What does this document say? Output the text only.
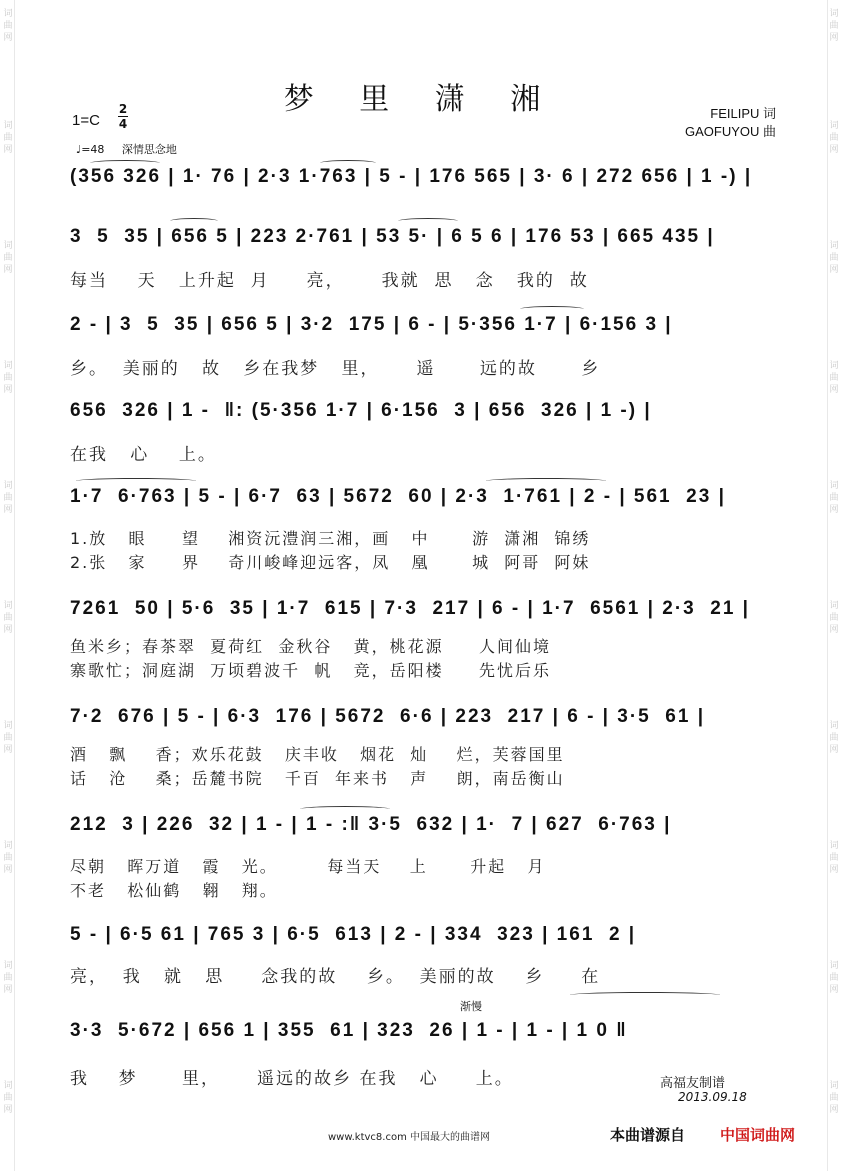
词曲网
词曲网
词曲网
词曲网
词曲网
词曲网
词曲网
词曲网
词曲网
词曲网
词曲网
词曲网
词曲网
词曲网
词曲网
词曲网
词曲网
词曲网
词曲网
词曲网
梦 里 潇 湘
1=C
2
4
♩=48 深情思念地
FEILIPU 词
GAOFUYOU 曲
(356 326 | 1· 76 | 2·3 1·763 | 5 - | 176 565 | 3· 6 | 272 656 | 1 -) |
3  5  35 | 656 5 | 223 2·761 | 53 5· | 6 5 6 | 176 53 | 665 435 |
每当    天   上升起  月     亮，     我就  思   念   我的  故
2 - | 3  5  35 | 656 5 | 3·2  175 | 6 - | 5·356 1·7 | 6·156 3 |
乡。  美丽的   故   乡在我梦   里，     遥      远的故      乡
656  326 | 1 -  ‖: (5·356 1·7 | 6·156  3 | 656  326 | 1 -) |
在我   心    上。
1·7  6·763 | 5 - | 6·7  63 | 5672  60 | 2·3  1·761 | 2 - | 561  23 |
1.放   眼     望    湘资沅澧润三湘，画   中      游  潇湘  锦绣
2.张   家     界    奇川峻峰迎远客，凤   凰      城  阿哥  阿妹
7261  50 | 5·6  35 | 1·7  615 | 7·3  217 | 6 - | 1·7  6561 | 2·3  21 |
鱼米乡；春茶翠  夏荷红  金秋谷   黄，桃花源     人间仙境
寨歌忙；洞庭湖  万顷碧波千  帆   竞，岳阳楼     先忧后乐
7·2  676 | 5 - | 6·3  176 | 5672  6·6 | 223  217 | 6 - | 3·5  61 |
酒   飘    香；欢乐花鼓   庆丰收   烟花  灿    烂，芙蓉国里
话   沧    桑；岳麓书院   千百  年来书   声    朗，南岳衡山
212  3 | 226  32 | 1 - | 1 - :‖ 3·5  632 | 1·  7 | 627  6·763 |
尽朝   晖万道   霞   光。       每当天    上      升起   月
不老   松仙鹤   翱   翔。
5 - | 6·5 61 | 765 3 | 6·5  613 | 2 - | 334  323 | 161  2 |
亮，  我   就   思     念我的故    乡。  美丽的故    乡     在
渐慢
3·3  5·672 | 656 1 | 355  61 | 323  26 | 1 - | 1 - | 1 0 ‖
我    梦      里，     遥远的故乡 在我   心     上。	高福友制谱
2013.09.18
www.ktvc8.com 中国最大的曲谱网	本曲谱源自 中国词曲网
